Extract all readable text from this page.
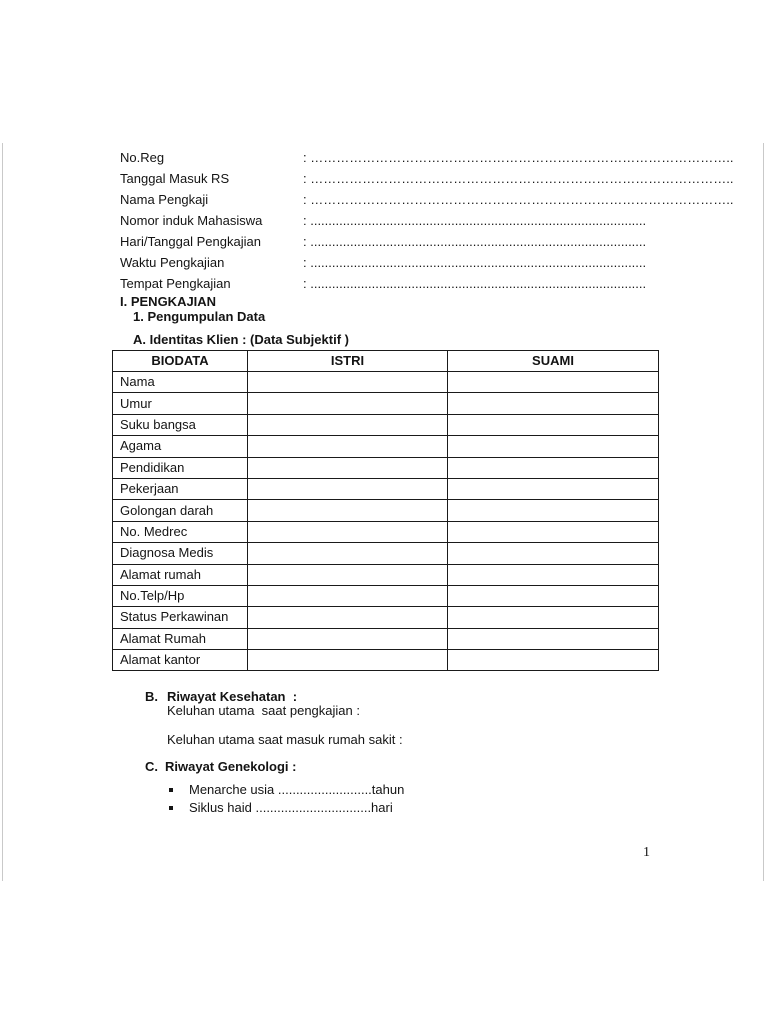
No.Reg	: ……………………………………………………………………………………..
Tanggal Masuk RS	: ……………………………………………………………………………………..
Nama Pengkaji	: ……………………………………………………………………………………..
Nomor induk Mahasiswa	: .............................................................................................
Hari/Tanggal Pengkajian	: .............................................................................................
Waktu Pengkajian	: .............................................................................................
Tempat Pengkajian	: .............................................................................................
I. PENGKAJIAN
1. Pengumpulan Data
A. Identitas Klien : (Data Subjektif )
BIODATA	ISTRI	SUAMI
Nama		
Umur		
Suku bangsa		
Agama		
Pendidikan		
Pekerjaan		
Golongan darah		
No. Medrec		
Diagnosa Medis		
Alamat rumah		
No.Telp/Hp		
Status Perkawinan		
Alamat Rumah		
Alamat kantor		
B. Riwayat Kesehatan  :
Keluhan utama  saat pengkajian :
Keluhan utama saat masuk rumah sakit :
C. Riwayat Genekologi :
Menarche usia ..........................tahun
Siklus haid ................................hari
1
